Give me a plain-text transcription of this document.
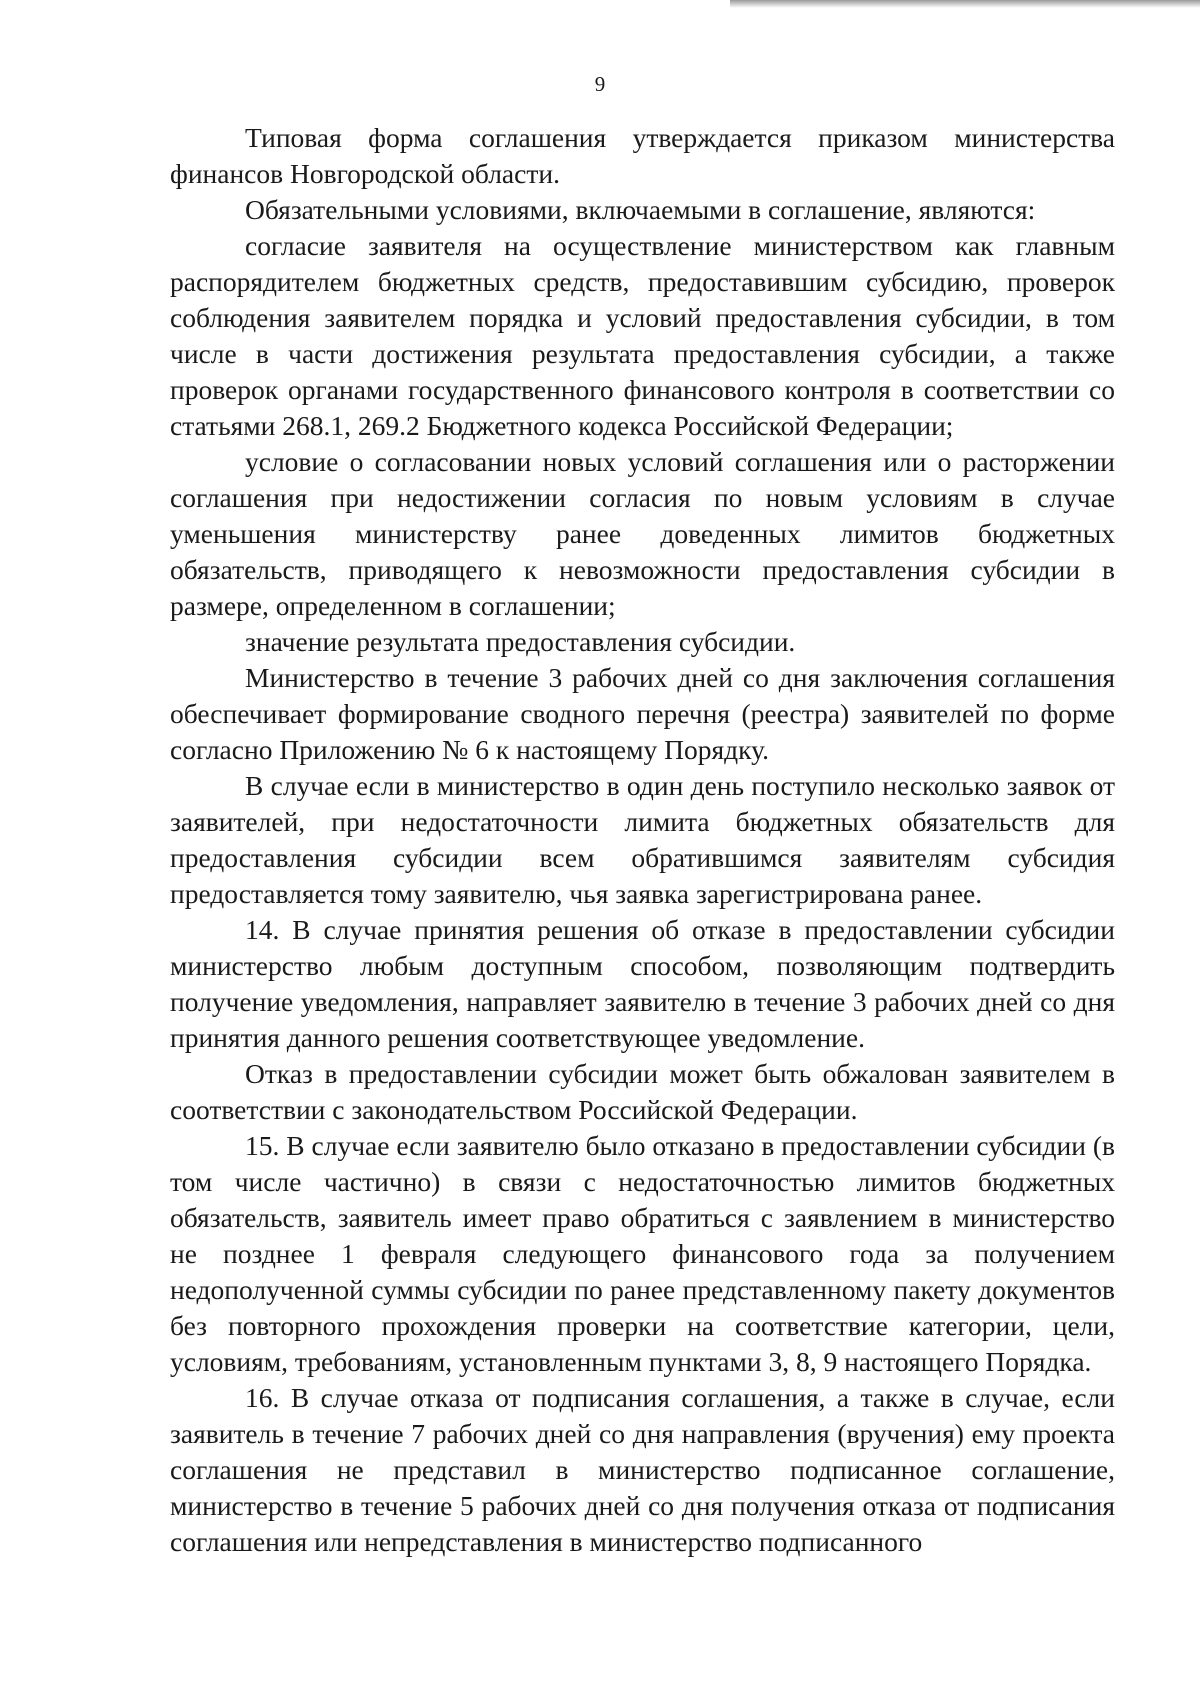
9

Типовая форма соглашения утверждается приказом министерства финансов Новгородской области.

Обязательными условиями, включаемыми в соглашение, являются:

согласие заявителя на осуществление министерством как главным распорядителем бюджетных средств, предоставившим субсидию, проверок соблюдения заявителем порядка и условий предоставления субсидии, в том числе в части достижения результата предоставления субсидии, а также проверок органами государственного финансового контроля в соответствии со статьями 268.1, 269.2 Бюджетного кодекса Российской Федерации;

условие о согласовании новых условий соглашения или о расторжении соглашения при недостижении согласия по новым условиям в случае уменьшения министерству ранее доведенных лимитов бюджетных обязательств, приводящего к невозможности предоставления субсидии в размере, определенном в соглашении;

значение результата предоставления субсидии.

Министерство в течение 3 рабочих дней со дня заключения соглашения обеспечивает формирование сводного перечня (реестра) заявителей по форме согласно Приложению № 6 к настоящему Порядку.

В случае если в министерство в один день поступило несколько заявок от заявителей, при недостаточности лимита бюджетных обязательств для предоставления субсидии всем обратившимся заявителям субсидия предоставляется тому заявителю, чья заявка зарегистрирована ранее.

14. В случае принятия решения об отказе в предоставлении субсидии министерство любым доступным способом, позволяющим подтвердить получение уведомления, направляет заявителю в течение 3 рабочих дней со дня принятия данного решения соответствующее уведомление.

Отказ в предоставлении субсидии может быть обжалован заявителем в соответствии с законодательством Российской Федерации.

15. В случае если заявителю было отказано в предоставлении субсидии (в том числе частично) в связи с недостаточностью лимитов бюджетных обязательств, заявитель имеет право обратиться с заявлением в министерство не позднее 1 февраля следующего финансового года за получением недополученной суммы субсидии по ранее представленному пакету документов без повторного прохождения проверки на соответствие категории, цели, условиям, требованиям, установленным пунктами 3, 8, 9 настоящего Порядка.

16. В случае отказа от подписания соглашения, а также в случае, если заявитель в течение 7 рабочих дней со дня направления (вручения) ему проекта соглашения не представил в министерство подписанное соглашение, министерство в течение 5 рабочих дней со дня получения отказа от подписания соглашения или непредставления в министерство подписанного
